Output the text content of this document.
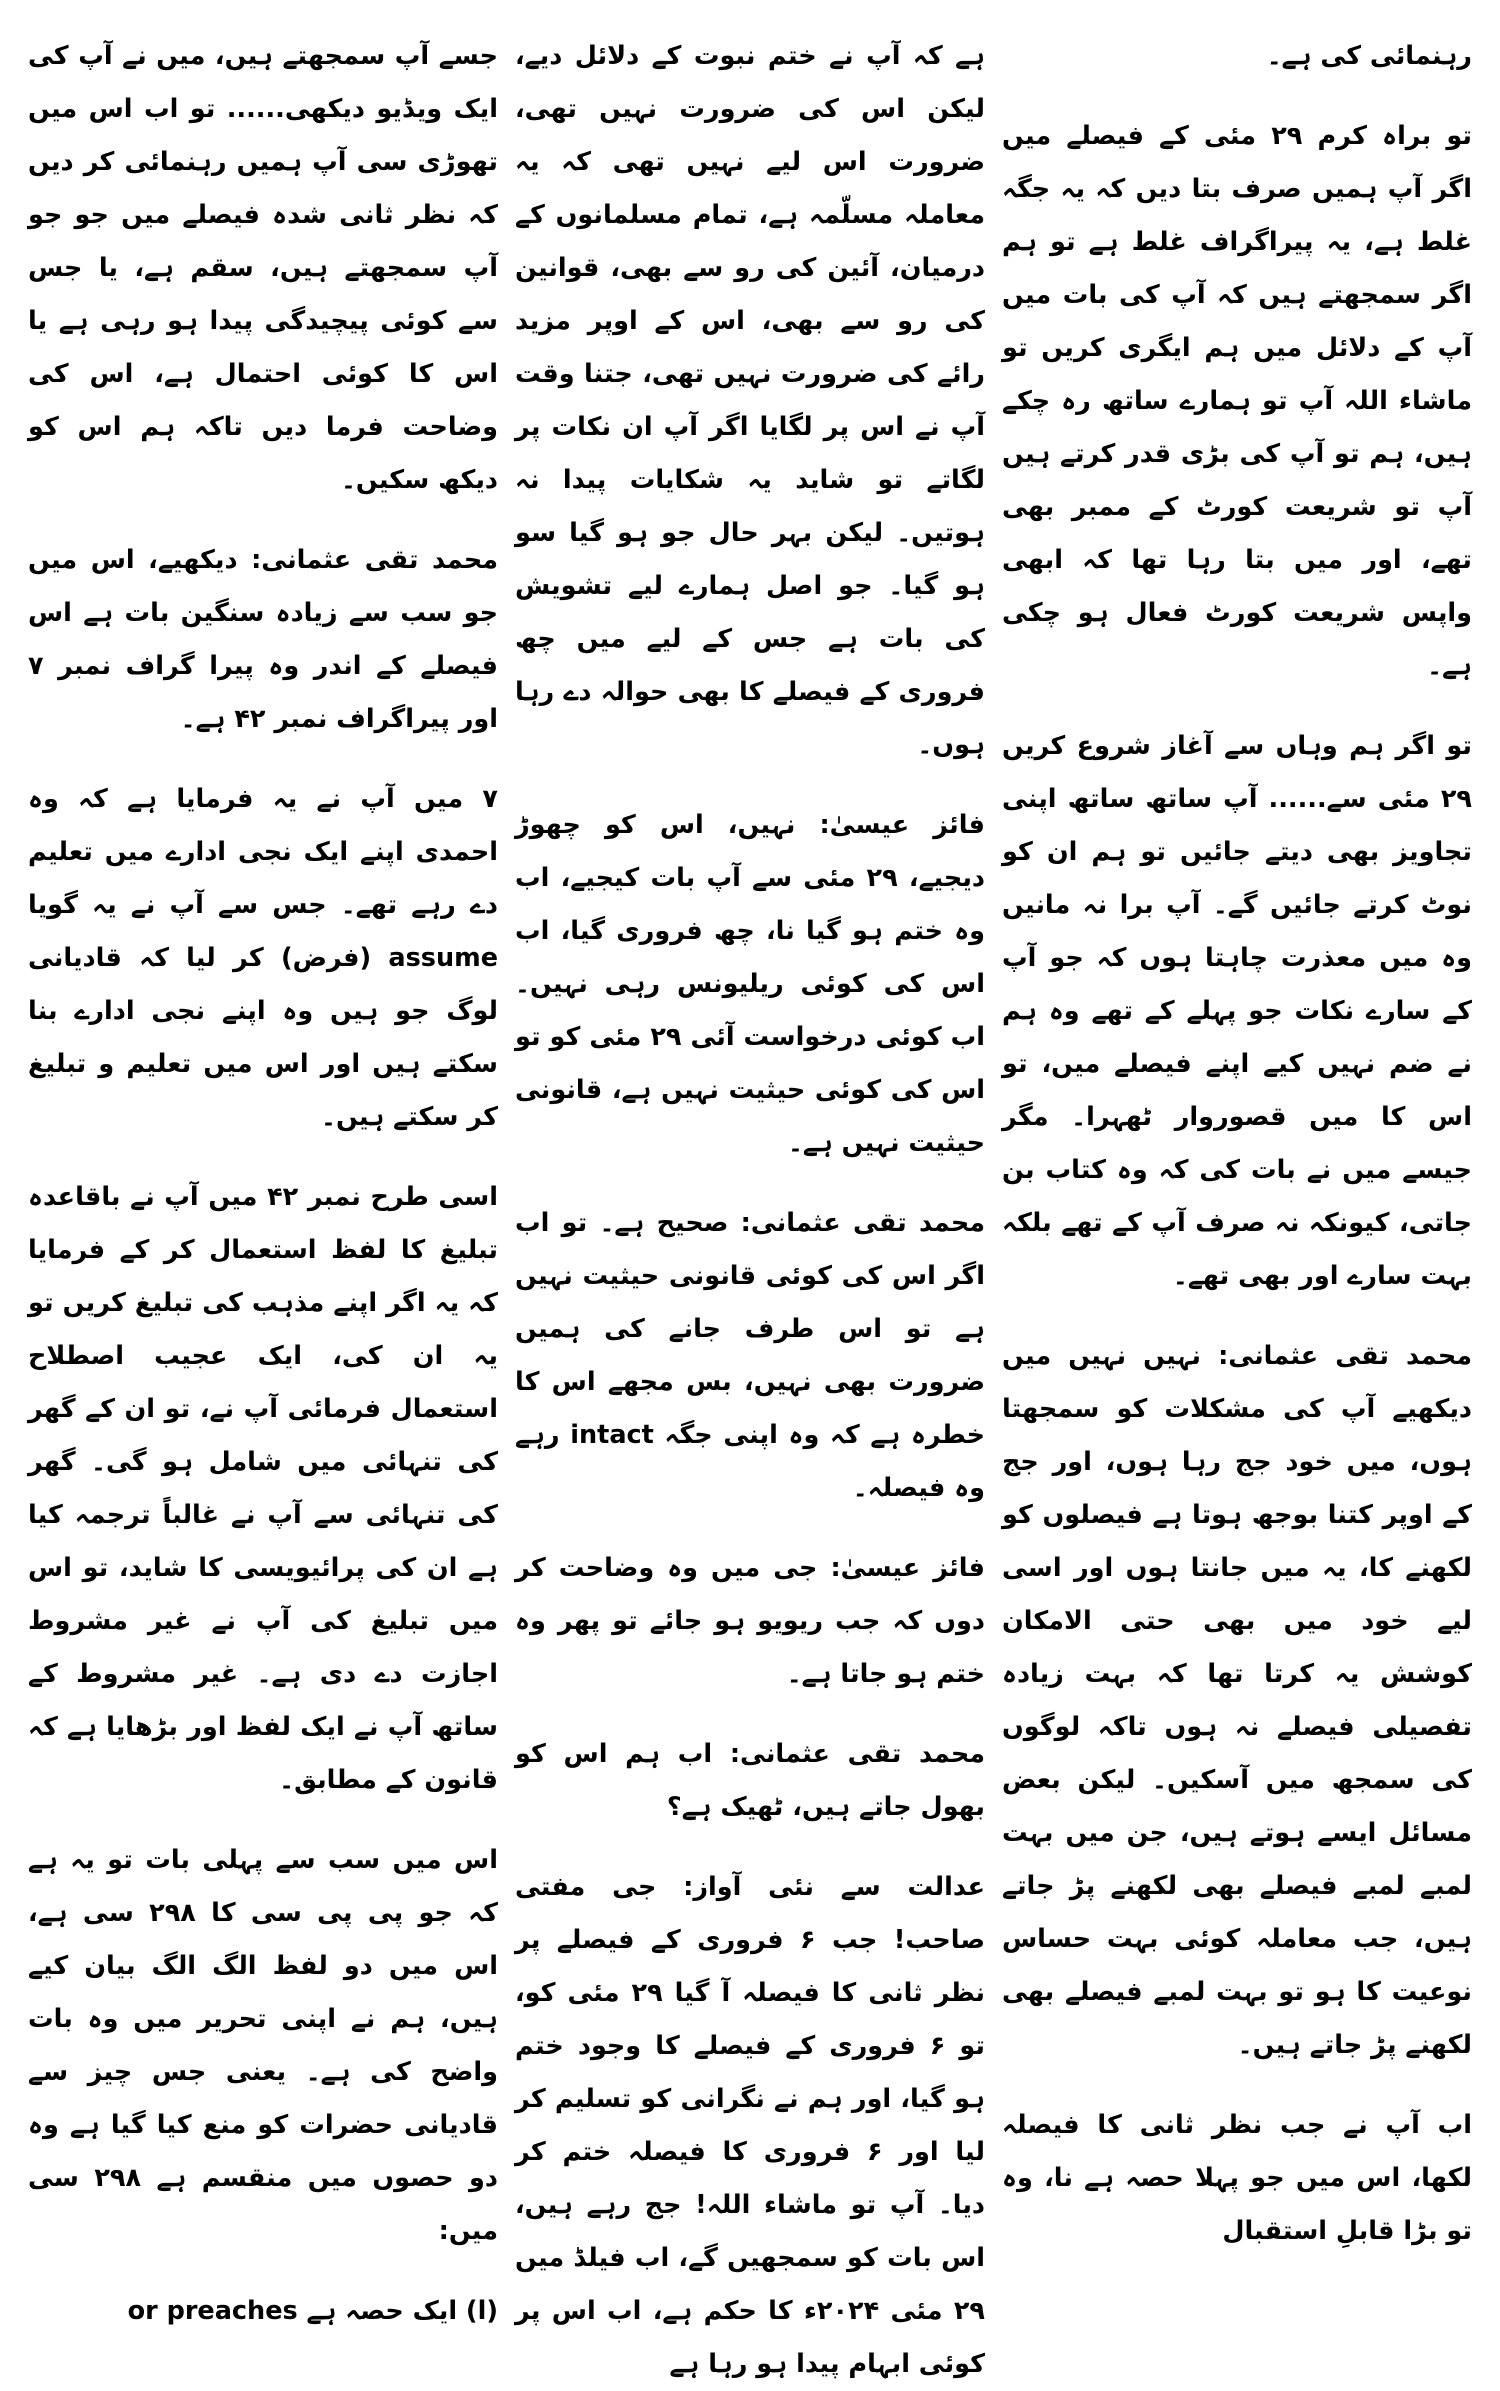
جسے آپ سمجھتے ہیں، میں نے آپ کی ایک ویڈیو دیکھی...... تو اب اس میں تھوڑی سی آپ ہمیں رہنمائی کر دیں کہ نظر ثانی شدہ فیصلے میں جو جو آپ سمجھتے ہیں، سقم ہے، یا جس سے کوئی پیچیدگی پیدا ہو رہی ہے یا اس کا کوئی احتمال ہے، اس کی وضاحت فرما دیں تاکہ ہم اس کو دیکھ سکیں۔

محمد تقی عثمانی: دیکھیے، اس میں جو سب سے زیادہ سنگین بات ہے اس فیصلے کے اندر وہ پیرا گراف نمبر ۷ اور پیراگراف نمبر ۴۲ ہے۔

۷ میں آپ نے یہ فرمایا ہے کہ وہ احمدی اپنے ایک نجی ادارے میں تعلیم دے رہے تھے۔ جس سے آپ نے یہ گویا assume (فرض) کر لیا کہ قادیانی لوگ جو ہیں وہ اپنے نجی ادارے بنا سکتے ہیں اور اس میں تعلیم و تبلیغ کر سکتے ہیں۔

اسی طرح نمبر ۴۲ میں آپ نے باقاعدہ تبلیغ کا لفظ استعمال کر کے فرمایا کہ یہ اگر اپنے مذہب کی تبلیغ کریں تو یہ ان کی، ایک عجیب اصطلاح استعمال فرمائی آپ نے، تو ان کے گھر کی تنہائی میں شامل ہو گی۔ گھر کی تنہائی سے آپ نے غالباً ترجمہ کیا ہے ان کی پرائیویسی کا شاید، تو اس میں تبلیغ کی آپ نے غیر مشروط اجازت دے دی ہے۔ غیر مشروط کے ساتھ آپ نے ایک لفظ اور بڑھایا ہے کہ قانون کے مطابق۔

اس میں سب سے پہلی بات تو یہ ہے کہ جو پی پی سی کا ۲۹۸ سی ہے، اس میں دو لفظ الگ الگ بیان کیے ہیں، ہم نے اپنی تحریر میں وہ بات واضح کی ہے۔ یعنی جس چیز سے قادیانی حضرات کو منع کیا گیا ہے وہ دو حصوں میں منقسم ہے ۲۹۸ سی میں:

(ا) ایک حصہ ہے or preaches

ہے کہ آپ نے ختم نبوت کے دلائل دیے، لیکن اس کی ضرورت نہیں تھی، ضرورت اس لیے نہیں تھی کہ یہ معاملہ مسلّمہ ہے، تمام مسلمانوں کے درمیان، آئین کی رو سے بھی، قوانین کی رو سے بھی، اس کے اوپر مزید رائے کی ضرورت نہیں تھی، جتنا وقت آپ نے اس پر لگایا اگر آپ ان نکات پر لگاتے تو شاید یہ شکایات پیدا نہ ہوتیں۔ لیکن بہر حال جو ہو گیا سو ہو گیا۔ جو اصل ہمارے لیے تشویش کی بات ہے جس کے لیے میں چھ فروری کے فیصلے کا بھی حوالہ دے رہا ہوں۔

فائز عیسیٰ: نہیں، اس کو چھوڑ دیجیے، ۲۹ مئی سے آپ بات کیجیے، اب وہ ختم ہو گیا نا، چھ فروری گیا، اب اس کی کوئی ریلیونس رہی نہیں۔ اب کوئی درخواست آئی ۲۹ مئی کو تو اس کی کوئی حیثیت نہیں ہے، قانونی حیثیت نہیں ہے۔

محمد تقی عثمانی: صحیح ہے۔ تو اب اگر اس کی کوئی قانونی حیثیت نہیں ہے تو اس طرف جانے کی ہمیں ضرورت بھی نہیں، بس مجھے اس کا خطرہ ہے کہ وہ اپنی جگہ intact رہے وہ فیصلہ۔

فائز عیسیٰ: جی میں وہ وضاحت کر دوں کہ جب ریویو ہو جائے تو پھر وہ ختم ہو جاتا ہے۔

محمد تقی عثمانی: اب ہم اس کو بھول جاتے ہیں، ٹھیک ہے؟

عدالت سے نئی آواز: جی مفتی صاحب! جب ۶ فروری کے فیصلے پر نظر ثانی کا فیصلہ آ گیا ۲۹ مئی کو، تو ۶ فروری کے فیصلے کا وجود ختم ہو گیا، اور ہم نے نگرانی کو تسلیم کر لیا اور ۶ فروری کا فیصلہ ختم کر دیا۔ آپ تو ماشاء اللہ! جج رہے ہیں، اس بات کو سمجھیں گے، اب فیلڈ میں ۲۹ مئی ۲۰۲۴ء کا حکم ہے، اب اس پر کوئی ابہام پیدا ہو رہا ہے

رہنمائی کی ہے۔

تو براہ کرم ۲۹ مئی کے فیصلے میں اگر آپ ہمیں صرف بتا دیں کہ یہ جگہ غلط ہے، یہ پیراگراف غلط ہے تو ہم اگر سمجھتے ہیں کہ آپ کی بات میں آپ کے دلائل میں ہم ایگری کریں تو ماشاء اللہ آپ تو ہمارے ساتھ رہ چکے ہیں، ہم تو آپ کی بڑی قدر کرتے ہیں آپ تو شریعت کورٹ کے ممبر بھی تھے، اور میں بتا رہا تھا کہ ابھی واپس شریعت کورٹ فعال ہو چکی ہے۔

تو اگر ہم وہاں سے آغاز شروع کریں ۲۹ مئی سے...... آپ ساتھ ساتھ اپنی تجاویز بھی دیتے جائیں تو ہم ان کو نوٹ کرتے جائیں گے۔ آپ برا نہ مانیں وہ میں معذرت چاہتا ہوں کہ جو آپ کے سارے نکات جو پہلے کے تھے وہ ہم نے ضم نہیں کیے اپنے فیصلے میں، تو اس کا میں قصوروار ٹھہرا۔ مگر جیسے میں نے بات کی کہ وہ کتاب بن جاتی، کیونکہ نہ صرف آپ کے تھے بلکہ بہت سارے اور بھی تھے۔

محمد تقی عثمانی: نہیں نہیں میں دیکھیے آپ کی مشکلات کو سمجھتا ہوں، میں خود جج رہا ہوں، اور جج کے اوپر کتنا بوجھ ہوتا ہے فیصلوں کو لکھنے کا، یہ میں جانتا ہوں اور اسی لیے خود میں بھی حتی الامکان کوشش یہ کرتا تھا کہ بہت زیادہ تفصیلی فیصلے نہ ہوں تاکہ لوگوں کی سمجھ میں آسکیں۔ لیکن بعض مسائل ایسے ہوتے ہیں، جن میں بہت لمبے لمبے فیصلے بھی لکھنے پڑ جاتے ہیں، جب معاملہ کوئی بہت حساس نوعیت کا ہو تو بہت لمبے فیصلے بھی لکھنے پڑ جاتے ہیں۔

اب آپ نے جب نظر ثانی کا فیصلہ لکھا، اس میں جو پہلا حصہ ہے نا، وہ تو بڑا قابلِ استقبال
